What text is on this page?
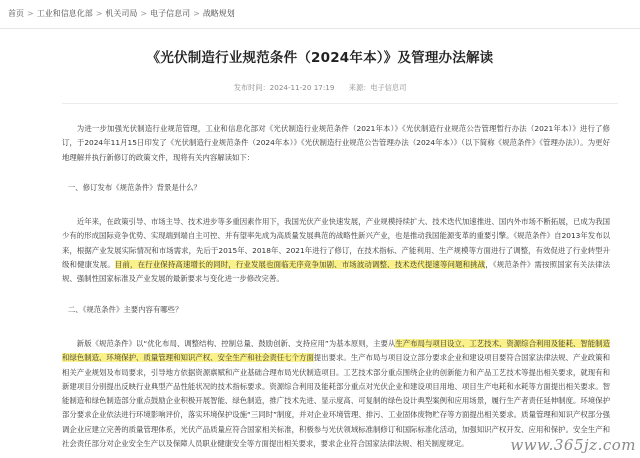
首页 > 工业和信息化部 > 机关司局 > 电子信息司 > 战略规划
《光伏制造行业规范条件（2024年本）》及管理办法解读
发布时间：2024-11-20 17:19 来源：电子信息司

为进一步加强光伏制造行业规范管理，工业和信息化部对《光伏制造行业规范条件（2021年本）》《光伏制造行业规范公告管理暂行办法（2021年本）》进行了修订，于2024年11月15日印发了《光伏制造行业规范条件（2024年本）》《光伏制造行业规范公告管理办法（2024年本）》（以下简称《规范条件》《管理办法》）。为更好地理解并执行新修订的政策文件，现将有关内容解读如下：

一、修订发布《规范条件》背景是什么？

近年来，在政策引导、市场主导、技术进步等多重因素作用下，我国光伏产业快速发展，产业规模持续扩大、技术迭代加速推进、国内外市场不断拓展，已成为我国少有的形成国际竞争优势、实现端到端自主可控、并有望率先成为高质量发展典范的战略性新兴产业，也是推动我国能源变革的重要引擎。《规范条件》自2013年发布以来，根据产业发展实际情况和市场需求，先后于2015年、2018年、2021年进行了修订，在技术指标、产能利用、生产规模等方面进行了调整，有效促进了行业转型升级和健康发展。目前，在行业保持高速增长的同时，行业发展也面临无序竞争加剧、市场波动调整、技术迭代提速等问题和挑战，《规范条件》需按照国家有关法律法规、强制性国家标准及产业发展的最新要求与变化进一步修改完善。

二、《规范条件》主要内容有哪些？

新版《规范条件》以“优化布局、调整结构、控制总量、鼓励创新、支持应用”为基本原则，主要从生产布局与项目设立、工艺技术、资源综合利用及能耗、智能制造和绿色制造、环境保护、质量管理和知识产权、安全生产和社会责任七个方面提出要求。生产布局与项目设立部分要求企业和建设项目要符合国家法律法规、产业政策和相关产业规划及布局要求，引导地方依据资源禀赋和产业基础合理布局光伏制造项目。工艺技术部分重点围绕企业的创新能力和产品工艺技术等提出相关要求，就现有和新建项目分别提出反映行业典型产品性能状况的技术指标要求。资源综合利用及能耗部分重点对光伏企业和建设项目用地、项目生产电耗和水耗等方面提出相关要求。智能制造和绿色制造部分重点鼓励企业积极开展智能、绿色制造，推广技术先进、显示度高、可复制的绿色设计典型案例和应用场景，履行生产者责任延伸制度。环境保护部分要求企业依法进行环境影响评价，落实环境保护设施“三同时”制度，并对企业环境管理、排污、工业固体废物贮存等方面提出相关要求。质量管理和知识产权部分强调企业应建立完善的质量管理体系，光伏产品质量应符合国家相关标准，积极参与光伏领域标准制修订和国际标准化活动，加强知识产权开发、应用和保护。安全生产和社会责任部分对企业安全生产以及保障人员职业健康安全等方面提出相关要求，要求企业符合国家法律法规、相关制度规定。	www.365jz.com
